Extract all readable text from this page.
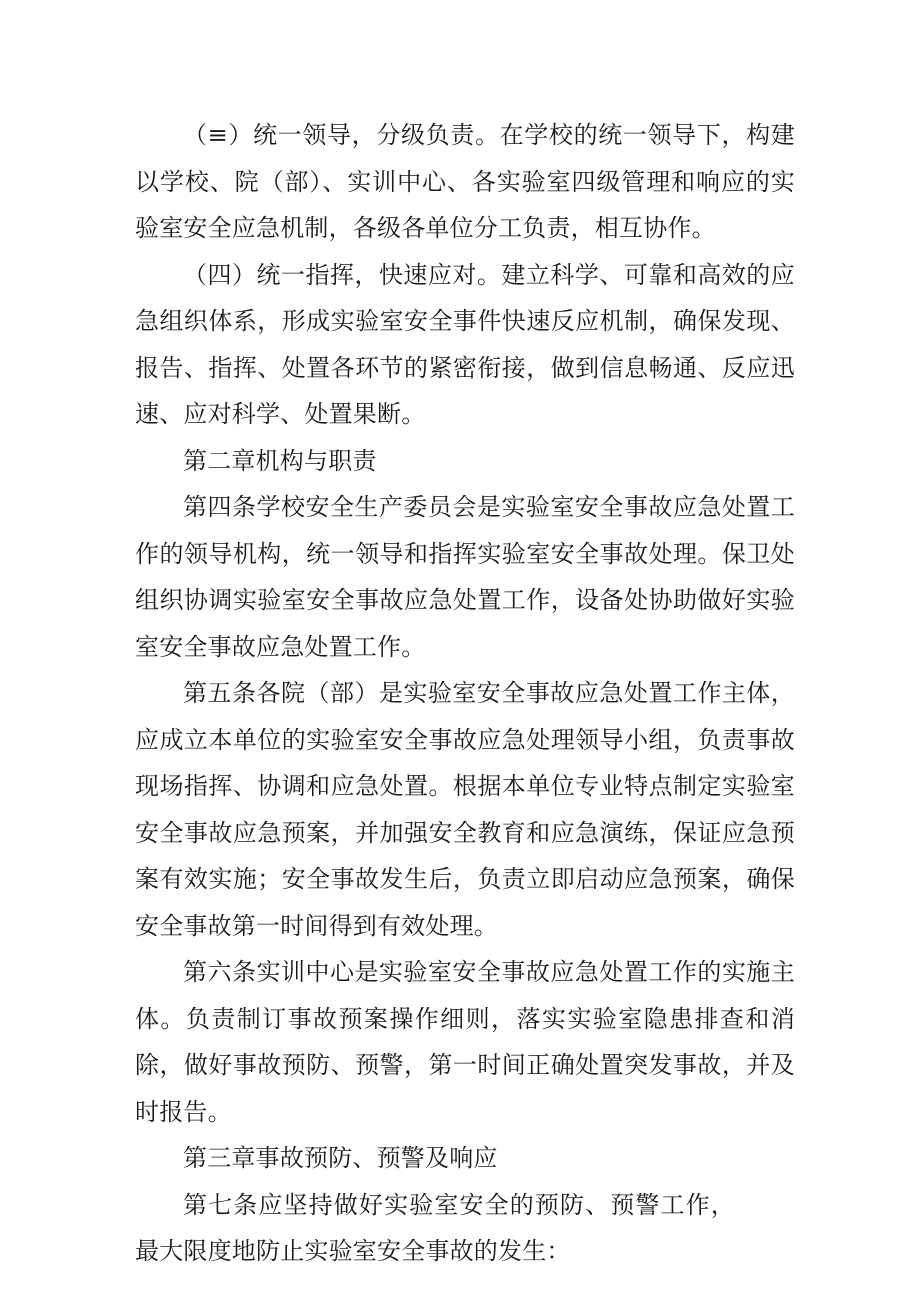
（≡）统一领导，分级负责。在学校的统一领导下，构建以学校、院（部）、实训中心、各实验室四级管理和响应的实验室安全应急机制，各级各单位分工负责，相互协作。

（四）统一指挥，快速应对。建立科学、可靠和高效的应急组织体系，形成实验室安全事件快速反应机制，确保发现、报告、指挥、处置各环节的紧密衔接，做到信息畅通、反应迅速、应对科学、处置果断。

第二章机构与职责

第四条学校安全生产委员会是实验室安全事故应急处置工作的领导机构，统一领导和指挥实验室安全事故处理。保卫处组织协调实验室安全事故应急处置工作，设备处协助做好实验室安全事故应急处置工作。

第五条各院（部）是实验室安全事故应急处置工作主体，应成立本单位的实验室安全事故应急处理领导小组，负责事故现场指挥、协调和应急处置。根据本单位专业特点制定实验室安全事故应急预案，并加强安全教育和应急演练，保证应急预案有效实施；安全事故发生后，负责立即启动应急预案，确保安全事故第一时间得到有效处理。

第六条实训中心是实验室安全事故应急处置工作的实施主体。负责制订事故预案操作细则，落实实验室隐患排查和消除，做好事故预防、预警，第一时间正确处置突发事故，并及时报告。

第三章事故预防、预警及响应

第七条应坚持做好实验室安全的预防、预警工作，最大限度地防止实验室安全事故的发生：
